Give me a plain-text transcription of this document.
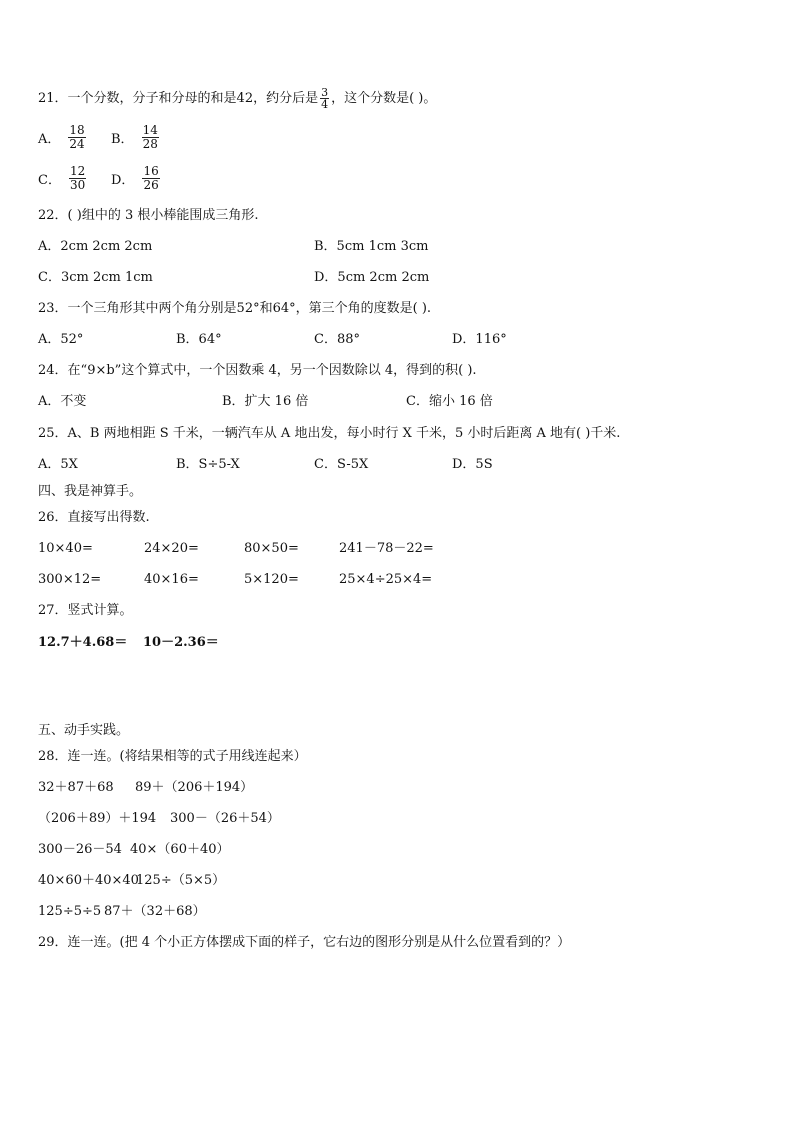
21．一个分数，分子和分母的和是42，约分后是 $\frac{3}{4}$ ，这个分数是( )。
A． $\frac{18}{24}$ B． $\frac{14}{28}$
C． $\frac{12}{30}$ D． $\frac{16}{26}$
22．( )组中的 3 根小棒能围成三角形.
A．2cm 2cm 2cm	B．5cm 1cm 3cm
C．3cm 2cm 1cm	D．5cm 2cm 2cm
23．一个三角形其中两个角分别是52°和64°，第三个角的度数是( ).
A．52°	B．64°	C．88°	D．116°
24．在“9×b”这个算式中，一个因数乘 4，另一个因数除以 4，得到的积( ).
A．不变	B．扩大 16 倍	C．缩小 16 倍
25．A、B 两地相距 S 千米，一辆汽车从 A 地出发，每小时行 X 千米，5 小时后距离 A 地有( )千米.
A．5X	B．S÷5-X	C．S-5X	D．5S
四、我是神算手。
26．直接写出得数.
10×40=	24×20=	80×50=	241－78－22=
300×12=	40×16=	5×120=	25×4÷25×4=
27．竖式计算。
12.7＋4.68＝ 10－2.36＝
五、动手实践。
28．连一连。(将结果相等的式子用线连起来）
32＋87＋68 89＋（206＋194）
（206＋89）＋194 300－（26＋54）
300－26－54 40×（60＋40）
40×60＋40×40
125÷（5×5）
125÷5÷5 87＋（32＋68）
29．连一连。(把 4 个小正方体摆成下面的样子，它右边的图形分别是从什么位置看到的？）
